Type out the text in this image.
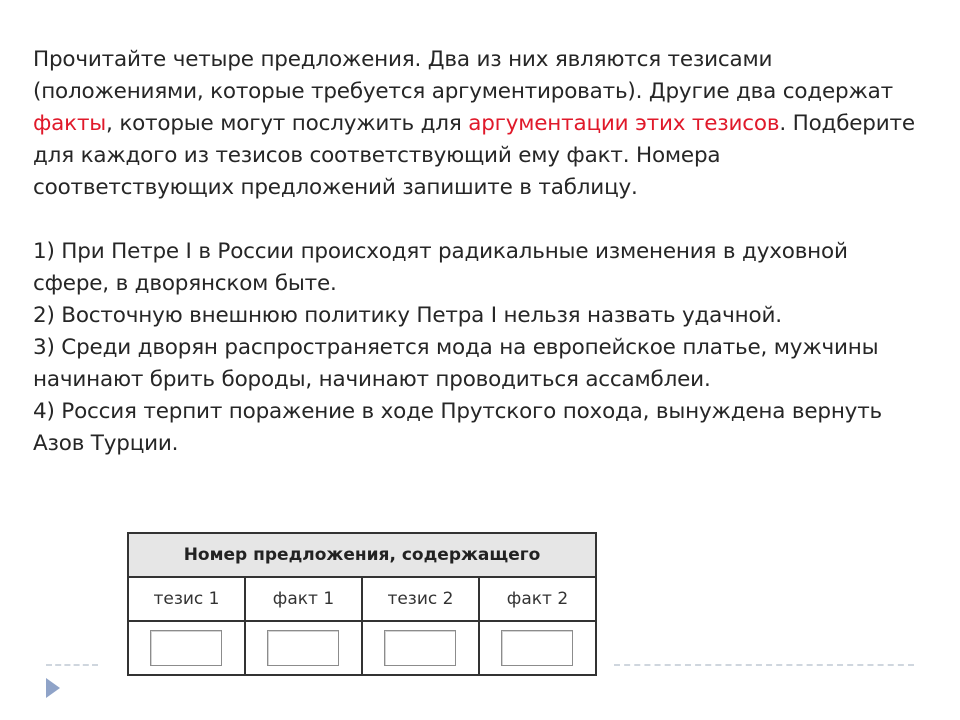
Прочитайте четыре предложения. Два из них являются тезисами (положениями, которые требуется аргументировать). Другие два содержат факты, которые могут послужить для аргументации этих тезисов. Подберите для каждого из тезисов соответствующий ему факт. Номера соответствующих предложений запишите в таблицу.

1) При Петре I в России происходят радикальные изменения в духовной сфере, в дворянском быте.
2) Восточную внешнюю политику Петра I нельзя назвать удачной.
3) Среди дворян распространяется мода на европейское платье, мужчины начинают брить бороды, начинают проводиться ассамблеи.
4) Россия терпит поражение в ходе Прутского похода, вынуждена вернуть Азов Турции.
Номер предложения, содержащего			
тезис 1	факт 1	тезис 2	факт 2
